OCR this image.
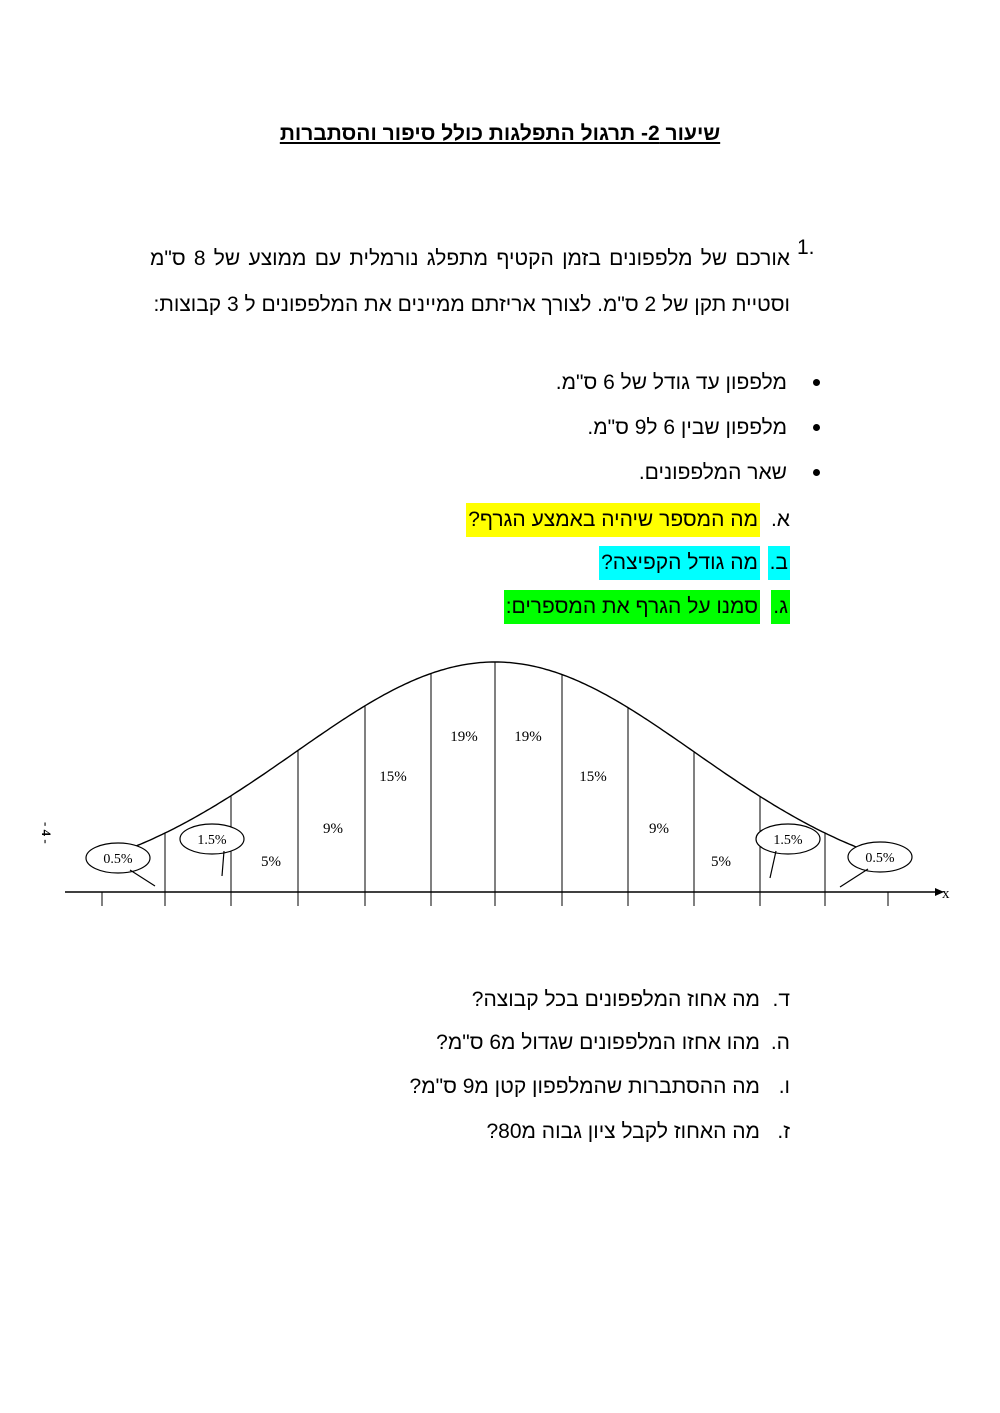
שיעור 2- תרגול התפלגות כולל סיפור והסתברות
1.
אורכם של מלפפונים בזמן הקטיף מתפלג נורמלית עם ממוצע של 8 ס"מ וסטיית תקן של 2 ס"מ. לצורך אריזתם ממיינים את המלפפונים ל 3 קבוצות:
מלפפון עד גודל של 6 ס"מ.
מלפפון שבין 6 ל9 ס"מ.
שאר המלפפונים.
א.
מה המספר שיהיה באמצע הגרף?
ב.
מה גודל הקפיצה?
ג.
סמנו על הגרף את המספרים:
x
- 4 -
5%
9%
15%
19% 19%
15%
9%
5%
0.5%
1.5%	1.5%
0.5%
ד.
מה אחוז המלפפונים בכל קבוצה?
ה.
מהו אחזו המלפפונים שגדול מ6 ס"מ?
ו.
מה ההסתברות שהמלפפון קטן מ9 ס"מ?
ז.
מה האחוז לקבל ציון גבוה מ80?
